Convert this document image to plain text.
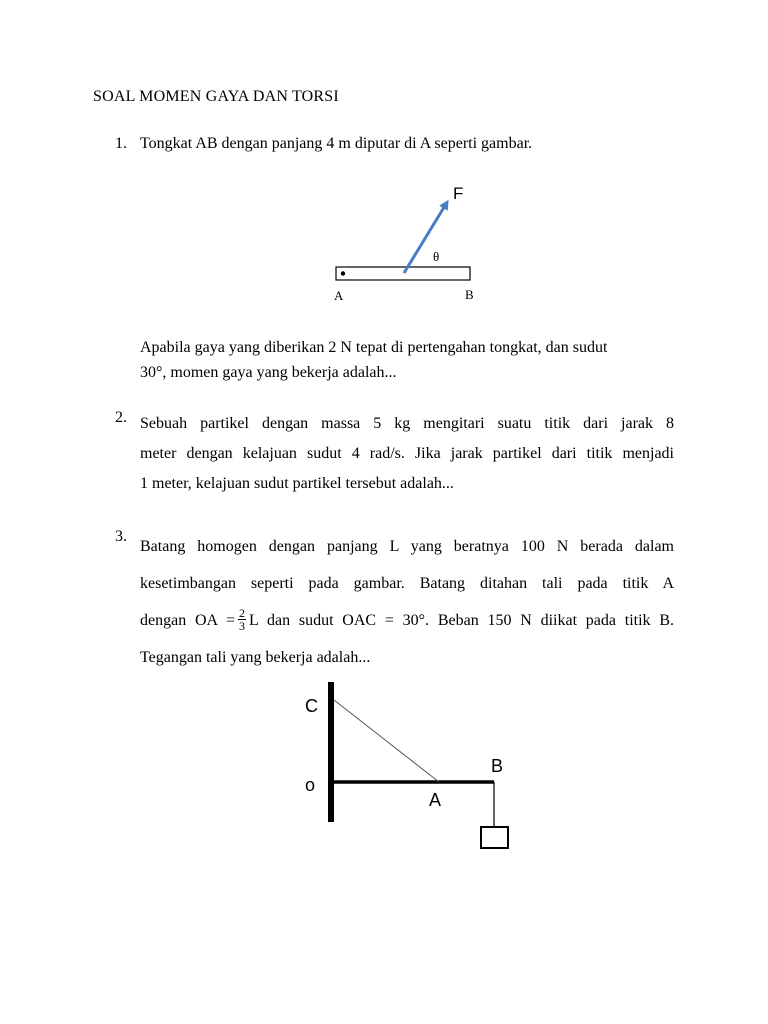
SOAL MOMEN GAYA DAN TORSI
1. Tongkat AB dengan panjang 4 m diputar di A seperti gambar.
F
θ
A	B
Apabila gaya yang diberikan 2 N tepat di pertengahan tongkat, dan sudut
30°, momen gaya yang bekerja adalah...
2. Sebuah partikel dengan massa 5 kg mengitari suatu titik dari jarak 8
meter dengan kelajuan sudut 4 rad/s. Jika jarak partikel dari titik menjadi
1 meter, kelajuan sudut partikel tersebut adalah...
3.
Batang homogen dengan panjang L yang beratnya 100 N berada dalam
kesetimbangan seperti pada gambar. Batang ditahan tali pada titik A
dengan OA = $\frac{2}{3}$ L dan sudut OAC = 30°. Beban 150 N diikat pada titik B.
Tegangan tali yang bekerja adalah...
C
o
A
B
